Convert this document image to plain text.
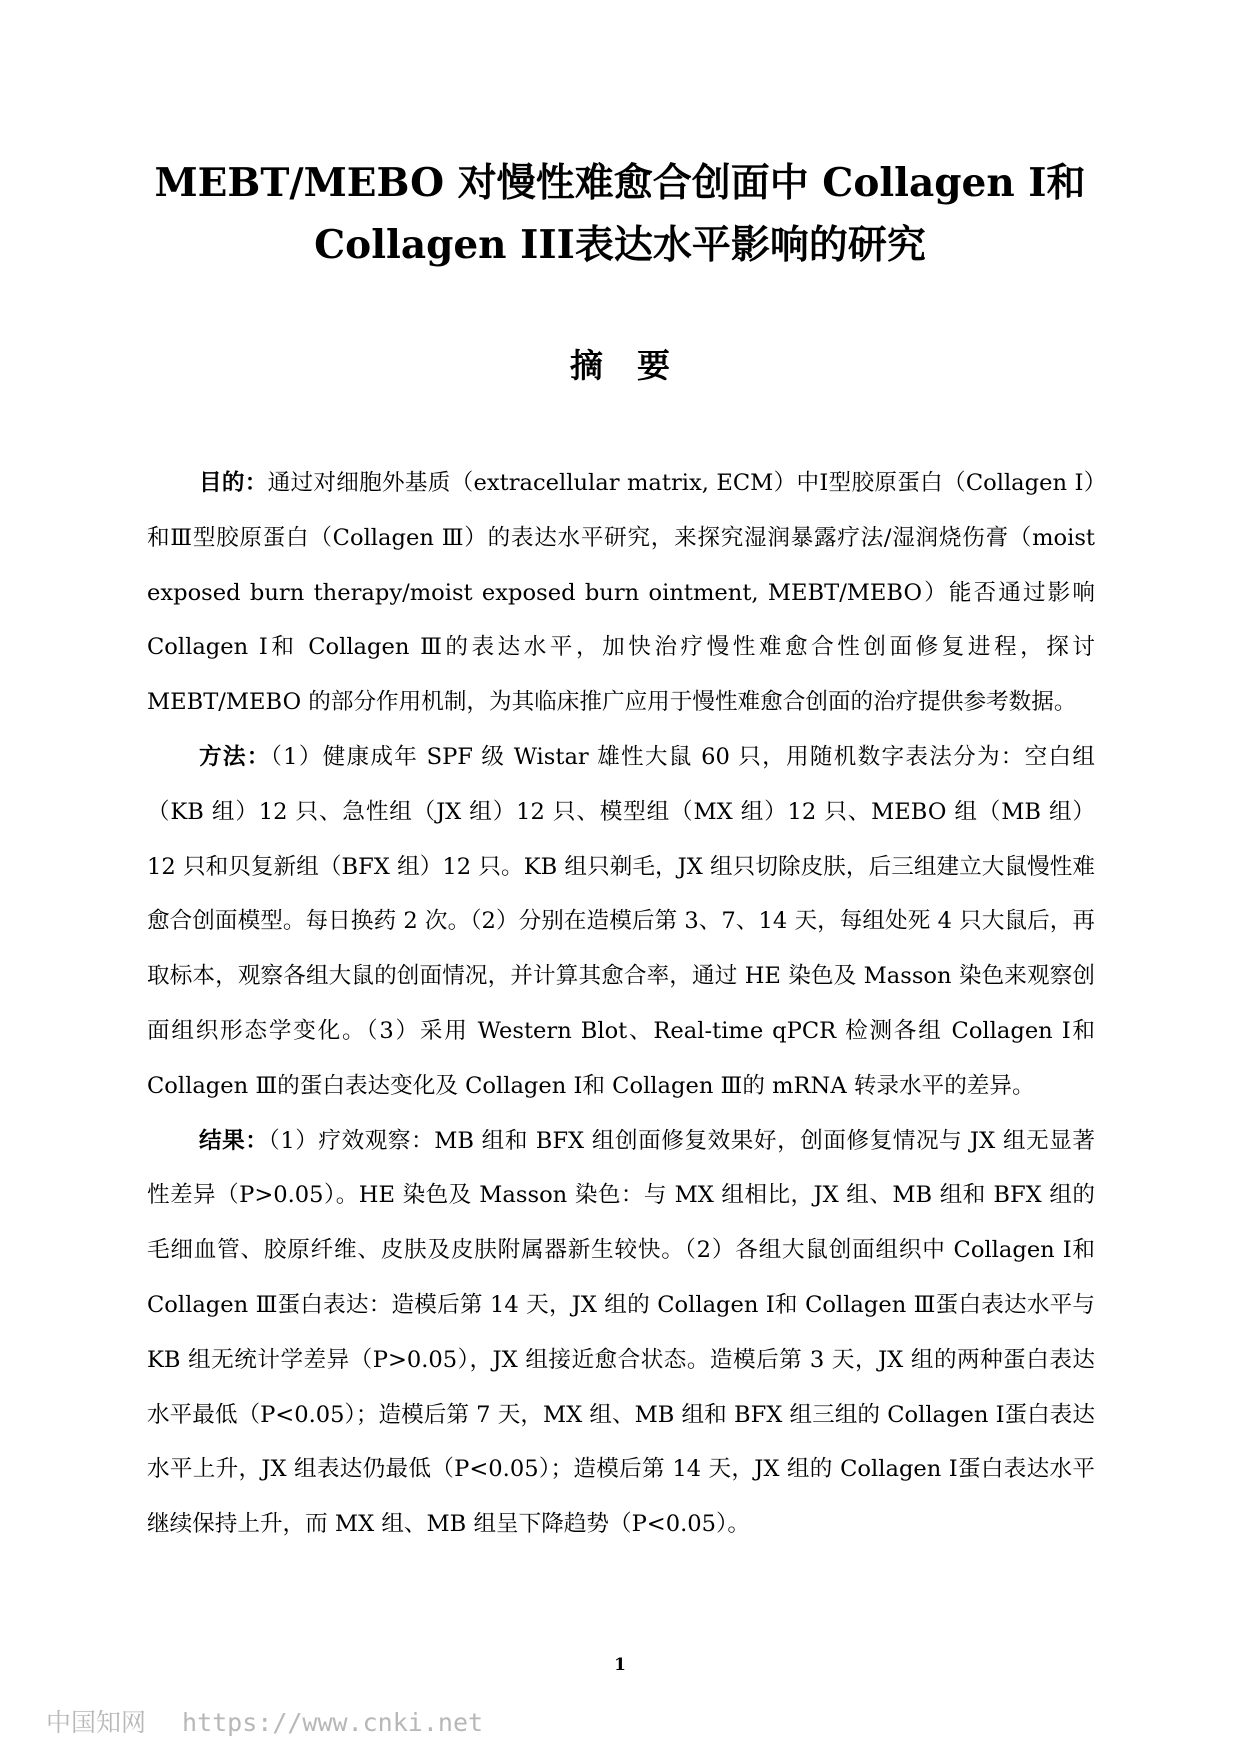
MEBT/MEBO 对慢性难愈合创面中 Collagen I和
Collagen III表达水平影响的研究
摘要

目的：通过对细胞外基质（extracellular matrix, ECM）中Ⅰ型胶原蛋白（Collagen Ⅰ）和Ⅲ型胶原蛋白（Collagen Ⅲ）的表达水平研究，来探究湿润暴露疗法/湿润烧伤膏（moist exposed burn therapy/moist exposed burn ointment, MEBT/MEBO）能否通过影响 Collagen Ⅰ和 Collagen Ⅲ的表达水平，加快治疗慢性难愈合性创面修复进程，探讨 MEBT/MEBO 的部分作用机制，为其临床推广应用于慢性难愈合创面的治疗提供参考数据。

方法：（1）健康成年 SPF 级 Wistar 雄性大鼠 60 只，用随机数字表法分为：空白组（KB 组）12 只、急性组（JX 组）12 只、模型组（MX 组）12 只、MEBO 组（MB 组）12 只和贝复新组（BFX 组）12 只。KB 组只剃毛，JX 组只切除皮肤，后三组建立大鼠慢性难愈合创面模型。每日换药 2 次。（2）分别在造模后第 3、7、14 天，每组处死 4 只大鼠后，再取标本，观察各组大鼠的创面情况，并计算其愈合率，通过 HE 染色及 Masson 染色来观察创面组织形态学变化。（3）采用 Western Blot、Real-time qPCR 检测各组 Collagen Ⅰ和 Collagen Ⅲ的蛋白表达变化及 Collagen Ⅰ和 Collagen Ⅲ的 mRNA 转录水平的差异。

结果：（1）疗效观察：MB 组和 BFX 组创面修复效果好，创面修复情况与 JX 组无显著性差异（P>0.05）。HE 染色及 Masson 染色：与 MX 组相比，JX 组、MB 组和 BFX 组的毛细血管、胶原纤维、皮肤及皮肤附属器新生较快。（2）各组大鼠创面组织中 Collagen Ⅰ和 Collagen Ⅲ蛋白表达：造模后第 14 天，JX 组的 Collagen Ⅰ和 Collagen Ⅲ蛋白表达水平与 KB 组无统计学差异（P>0.05），JX 组接近愈合状态。造模后第 3 天，JX 组的两种蛋白表达水平最低（P<0.05）；造模后第 7 天，MX 组、MB 组和 BFX 组三组的 Collagen Ⅰ蛋白表达水平上升，JX 组表达仍最低（P<0.05）；造模后第 14 天，JX 组的 Collagen Ⅰ蛋白表达水平继续保持上升，而 MX 组、MB 组呈下降趋势（P<0.05）。

1
中国知网 https://www.cnki.net
